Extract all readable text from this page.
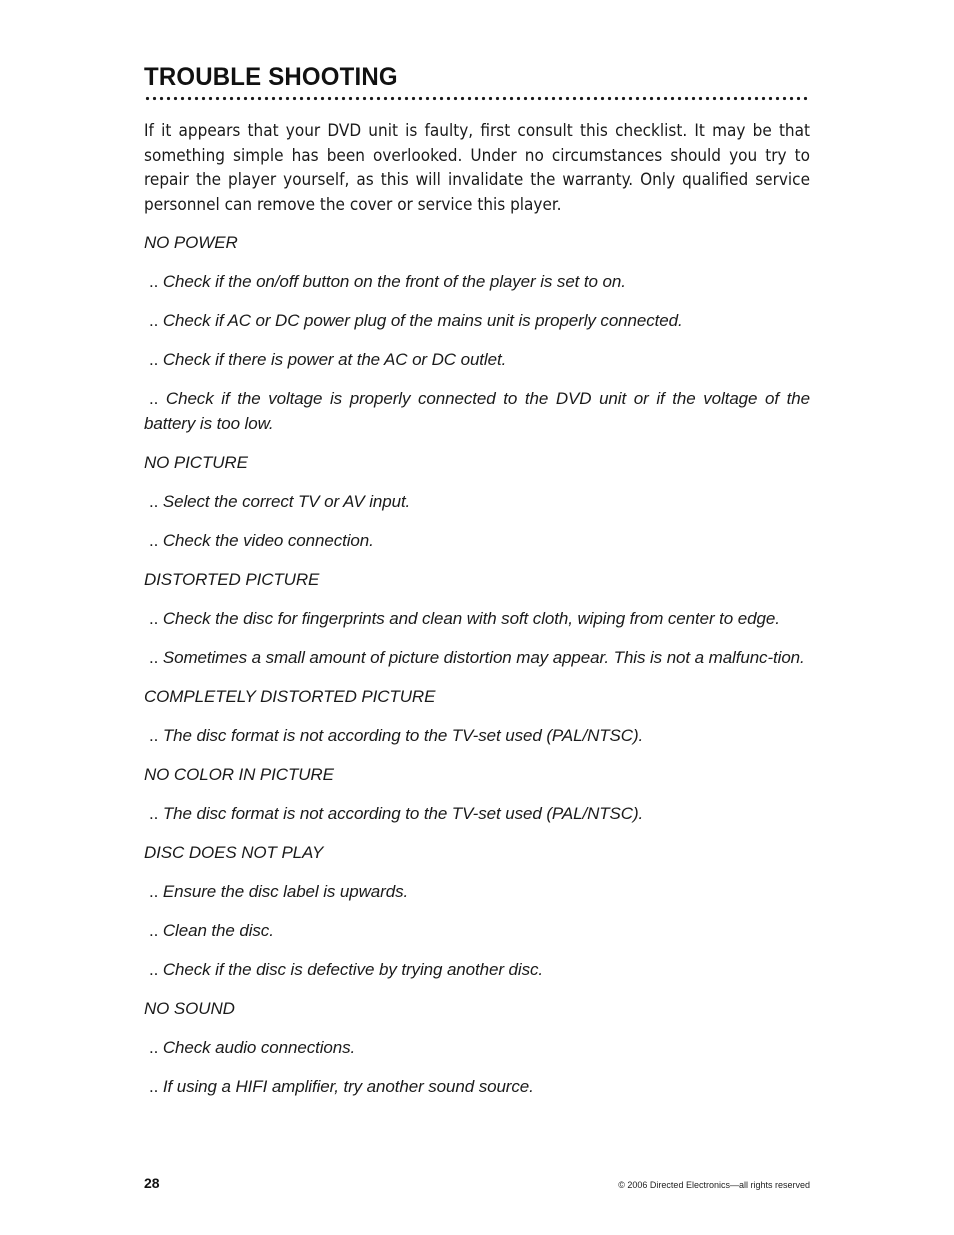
TROUBLE SHOOTING

If it appears that your DVD unit is faulty, first consult this checklist. It may be that something simple has been overlooked. Under no circumstances should you try to repair the player yourself, as this will invalidate the warranty. Only qualified service personnel can remove the cover or service this player.

NO POWER

.. Check if the on/off button on the front of the player is set to on.

.. Check if AC or DC power plug of the mains unit is properly connected.

.. Check if there is power at the AC or DC outlet.

.. Check if the voltage is properly connected to the DVD unit or if the voltage of the battery is too low.

NO PICTURE

.. Select the correct TV or AV input.

.. Check the video connection.

DISTORTED PICTURE

.. Check the disc for fingerprints and clean with soft cloth, wiping from center to edge.

.. Sometimes a small amount of picture distortion may appear. This is not a malfunc-tion.

COMPLETELY DISTORTED PICTURE

.. The disc format is not according to the TV-set used (PAL/NTSC).

NO COLOR IN PICTURE

.. The disc format is not according to the TV-set used (PAL/NTSC).

DISC DOES NOT PLAY

.. Ensure the disc label is upwards.

.. Clean the disc.

.. Check if the disc is defective by trying another disc.

NO SOUND

.. Check audio connections.

.. If using a HIFI amplifier, try another sound source.

28	© 2006 Directed Electronics—all rights reserved
